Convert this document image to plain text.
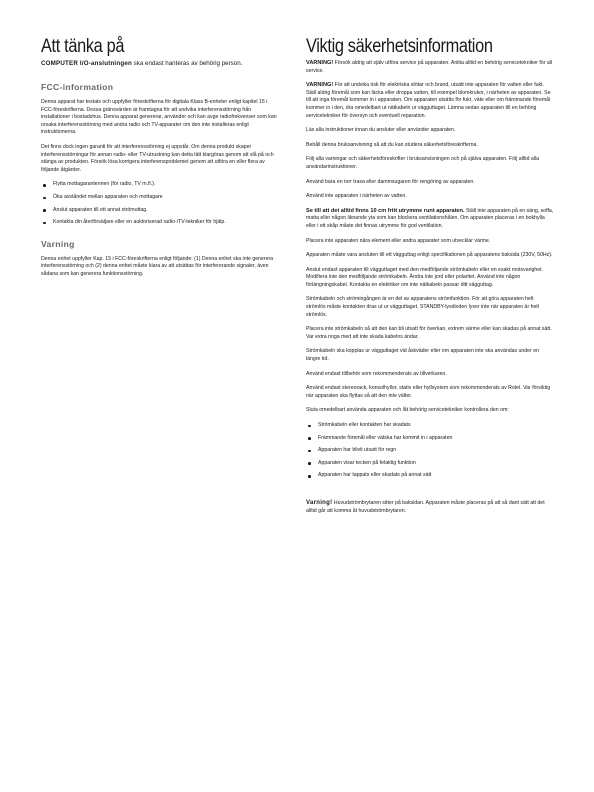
Att tänka på
COMPUTER I/O-anslutningen ska endast hanteras av behörig person.
FCC-information

Denna apparat har testats och uppfyller föreskrifterna för digitala Klass B-enheter enligt kapitel 15 i FCC-föreskrifterna. Dessa gränsvärden är framtagna för att undvika interferensstörning från installationer i bostadshus. Denna apparat genererar, använder och kan avge radiofrekvenser som kan orsaka interferensstörning med andra radio och TV-apparater om den inte installeras enligt instruktionerna.

Det finns dock ingen garanti för att interferensstörning ej uppstår. Om denna produkt skaper interferensstörningar för annan radio- eller TV-utrustning kan detta lätt klargöras genom att slå på och stänga av produkten. Försök lösa korrigera interferensproblemet genom att utföra en eller flera av följande åtgärder.

Flytta mottagarantennen (för radio, TV m.fl.).
Öka avståndet mellan apparaten och mottagare
Anslut apparaten till ett annat strömuttag.
Kontakta din återförsäljare eller en auktoriserad radio-/TV-tekniker för hjälp.
Varning

Denna enhet uppfyller Kap. 15 i FCC-föreskrifterna enligt följande: (1) Denna enhet ska inte generera interferensstörning och (2) denna enhet måste klara av att utsättas för interfererande signaler, även sådana som kan generera funktionsstörning.

Viktig säkerhetsinformation

VARNING! Försök aldrig att själv utföra service på apparaten. Anlita alltid en behörig servicetekniker för all service.

VARNING! För att undvika risk för elektriska stötar och brand, utsätt inte apparaten för vatten eller fukt. Ställ aldrig föremål som kan läcka eller droppa vatten, till exempel blomkrukor, i närheten av apparaten. Se till att inga föremål kommer in i apparaten. Om apparaten utsätts för fukt, väte eller om främmande föremål kommer in i den, dra omedelbart ut nätkabeln ur vägguttaget. Lämna sedan apparaten till en behörig servicetekniker för översyn och eventuell reparation.

Läs alla instruktioner innan du ansluter eller använder apparaten.

Behåll denna bruksanvisning så att du kan studera säkerhetsföreskrifterna.

Följ alla varningar och säkerhetsföreskrifter i bruksanvisningen och på själva apparaten. Följ alltid alla användarinstruktioner.

Använd bara en torr trasa eller dammsugaren för rengöring av apparaten.

Använd inte apparaten i närheten av vatten.

Se till att det alltid finns 10 cm fritt utrymme runt apparaten. Ställ inte apparaten på en säng, soffa, matta eller någon liknande yta som kan blockera ventilationshålen. Om apparaten placeras i en bokhylla eller i ett skåp måste det finnas utrymme för god ventilation.

Placera inte apparaten nära element eller andra apparater som utvecklar värme.

Apparaten måste vara ansluten till ett vägguttag enligt specifikationen på apparatens baksida (230V, 50Hz).

Anslut endast apparaten till vägguttaget med den medföljande strömkabeln eller en exakt motsvarighet. Modifiera inte den medföljande strömkabeln. Ändra inte jord eller polaritet. Använd inte någon förlängningskabel. Kontakta en elektriker om inte nätkabeln passar ditt vägguttag.

Strömkabeln och strömingången är en del av apparatens strömfunktion. För att göra apparaten helt strömlös måste kontakten dras ut ur vägguttaget. STANDBY-lysdioden lyser inte när apparaten är helt strömlös.

Placera inte strömkabeln så att den kan bli utsatt för överkan, extrem värme eller kan skadas på annat sätt. Var extra noga med att inte skada kabelns ändar.

Strömkabeln ska kopplas ur vägguttaget vid åskväder eller om apparaten inte ska användas under en längre tid.

Använd endast tillbehör som rekommenderats av tillverkaren.

Använd endast stereorack, konsolhyllor, stativ eller hyllsystem som rekommenderats av Rotel. Var försiktig när apparaten ska flyttas så att den inte välter.

Sluta omedelbart använda apparaten och låt behörig servicetekniker kontrollera den om:

Strömkabeln eller kontakten har skadats
Främmande föremål eller vätska har kommit in i apparaten
Apparaten har blivit utsatt för regn
Apparaten visar tecken på felaktig funktion
Apparaten har tappats eller skadats på annat sätt

Varning! Huvudströmbrytaren sitter på baksidan. Apparaten måste placeras på att så dant sätt att det alltid går att komma åt huvudströmbrytaren.
